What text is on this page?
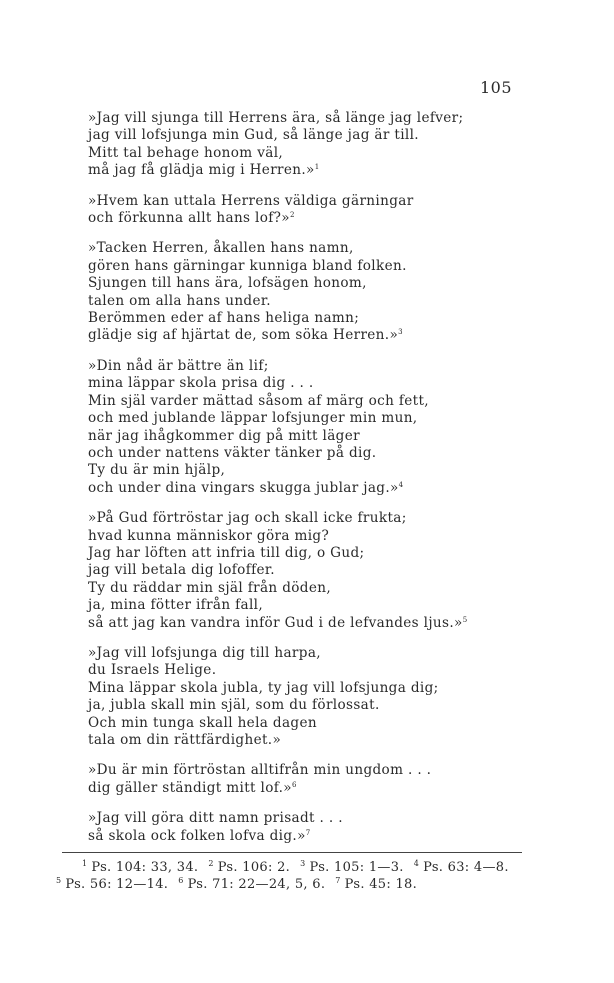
105
»Jag vill sjunga till Herrens ära, så länge jag lefver;
jag vill lofsjunga min Gud, så länge jag är till.
Mitt tal behage honom väl,
må jag få glädja mig i Herren.»$^1$
»Hvem kan uttala Herrens väldiga gärningar
och förkunna allt hans lof?»$^2$
»Tacken Herren, åkallen hans namn,
gören hans gärningar kunniga bland folken.
Sjungen till hans ära, lofsägen honom,
talen om alla hans under.
Berömmen eder af hans heliga namn;
glädje sig af hjärtat de, som söka Herren.»$^3$
»Din nåd är bättre än lif;
mina läppar skola prisa dig . . .
Min själ varder mättad såsom af märg och fett,
och med jublande läppar lofsjunger min mun,
när jag ihågkommer dig på mitt läger
och under nattens väkter tänker på dig.
Ty du är min hjälp,
och under dina vingars skugga jublar jag.»$^4$
»På Gud förtröstar jag och skall icke frukta;
hvad kunna människor göra mig?
Jag har löften att infria till dig, o Gud;
jag vill betala dig lofoffer.
Ty du räddar min själ från döden,
ja, mina fötter ifrån fall,
så att jag kan vandra inför Gud i de lefvandes ljus.»$^5$
»Jag vill lofsjunga dig till harpa,
du Israels Helige.
Mina läppar skola jubla, ty jag vill lofsjunga dig;
ja, jubla skall min själ, som du förlossat.
Och min tunga skall hela dagen
tala om din rättfärdighet.»
»Du är min förtröstan alltifrån min ungdom . . .
dig gäller ständigt mitt lof.»$^6$
»Jag vill göra ditt namn prisadt . . .
så skola ock folken lofva dig.»$^7$
$^1$ Ps. 104: 33, 34. $^2$ Ps. 106: 2. $^3$ Ps. 105: 1—3. $^4$ Ps. 63: 4—8.
$^5$ Ps. 56: 12—14. $^6$ Ps. 71: 22—24, 5, 6. $^7$ Ps. 45: 18.
